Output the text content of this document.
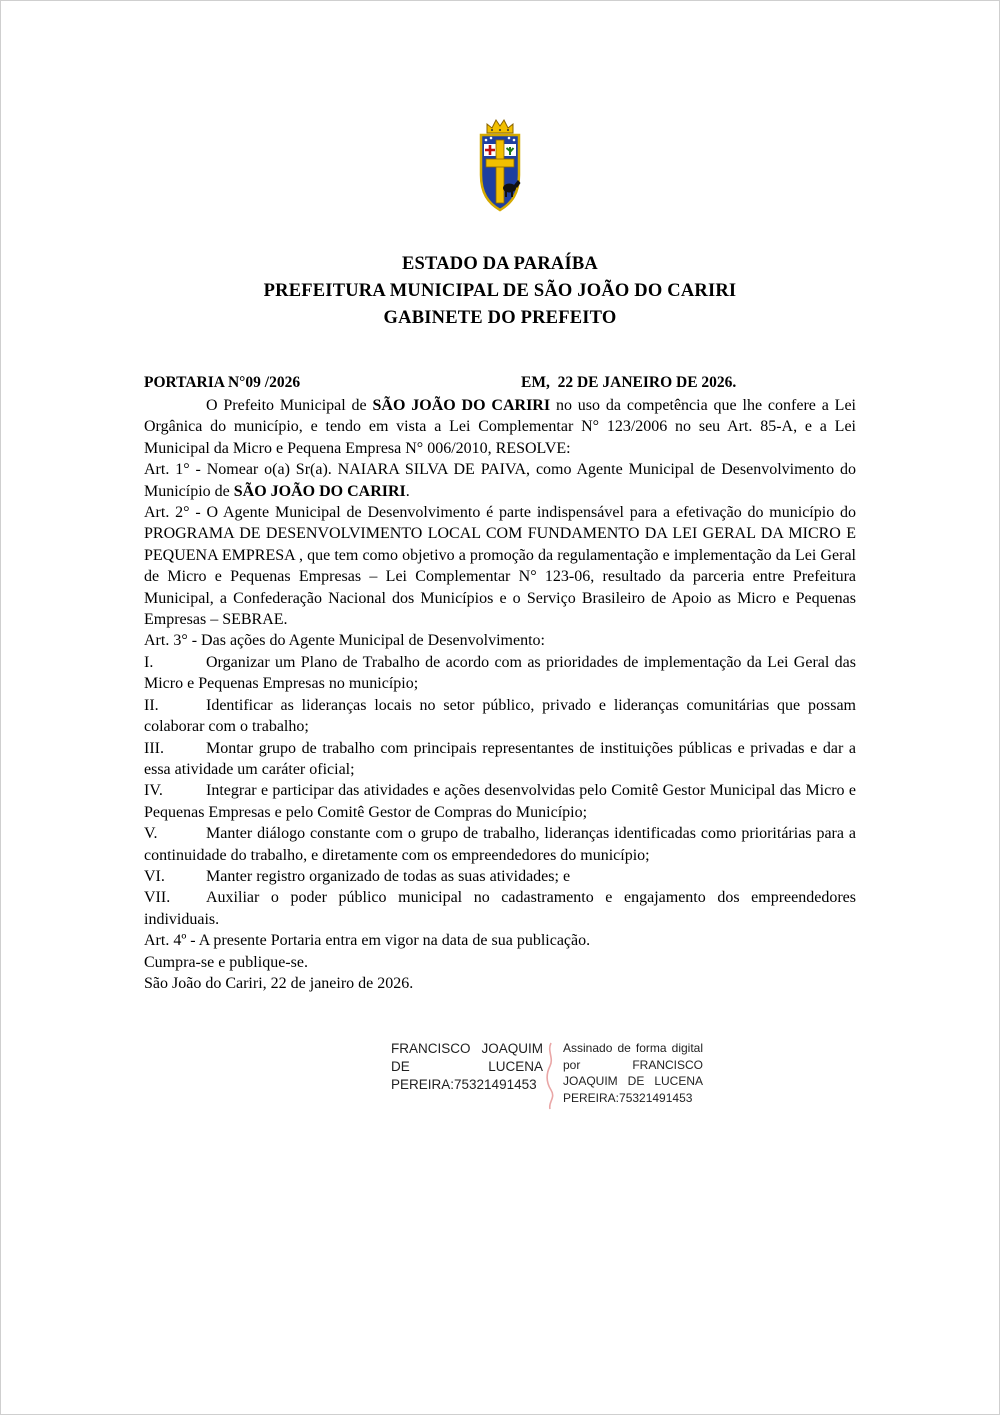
ESTADO DA PARAÍBA
PREFEITURA MUNICIPAL DE SÃO JOÃO DO CARIRI
GABINETE DO PREFEITO
PORTARIA N°09 /2026	EM,  22 DE JANEIRO DE 2026.

O Prefeito Municipal de SÃO JOÃO DO CARIRI no uso da competência que lhe confere a Lei Orgânica do município, e tendo em vista a Lei Complementar N° 123/2006 no seu Art. 85-A, e a Lei Municipal da Micro e Pequena Empresa N° 006/2010, RESOLVE:

Art. 1° - Nomear o(a) Sr(a). NAIARA SILVA DE PAIVA, como Agente Municipal de Desenvolvimento do Município de SÃO JOÃO DO CARIRI.

Art. 2° - O Agente Municipal de Desenvolvimento é parte indispensável para a efetivação do município do PROGRAMA DE DESENVOLVIMENTO LOCAL COM FUNDAMENTO DA LEI GERAL DA MICRO E PEQUENA EMPRESA , que tem como objetivo a promoção da regulamentação e implementação da Lei Geral de Micro e Pequenas Empresas – Lei Complementar N° 123-06, resultado da parceria entre Prefeitura Municipal, a Confederação Nacional dos Municípios e o Serviço Brasileiro de Apoio as Micro e Pequenas Empresas – SEBRAE.

Art. 3° - Das ações do Agente Municipal de Desenvolvimento:

I.	Organizar um Plano de Trabalho de acordo com as prioridades de implementação da Lei Geral das Micro e Pequenas Empresas no município;

II.	Identificar as lideranças locais no setor público, privado e lideranças comunitárias que possam colaborar com o trabalho;

III.	Montar grupo de trabalho com principais representantes de instituições públicas e privadas e dar a essa atividade um caráter oficial;

IV.	Integrar e participar das atividades e ações desenvolvidas pelo Comitê Gestor Municipal das Micro e Pequenas Empresas e pelo Comitê Gestor de Compras do Município;

V.	Manter diálogo constante com o grupo de trabalho, lideranças identificadas como prioritárias para a continuidade do trabalho, e diretamente com os empreendedores do município;

VI.	Manter registro organizado de todas as suas atividades; e

VII. Auxiliar o poder público municipal no cadastramento e engajamento dos empreendedores individuais.

Art. 4º - A presente Portaria entra em vigor na data de sua publicação.

Cumpra-se e publique-se.

São João do Cariri, 22 de janeiro de 2026.

FRANCISCO JOAQUIM DE LUCENA PEREIRA:75321491453
Assinado de forma digital por FRANCISCO JOAQUIM DE LUCENA PEREIRA:75321491453
